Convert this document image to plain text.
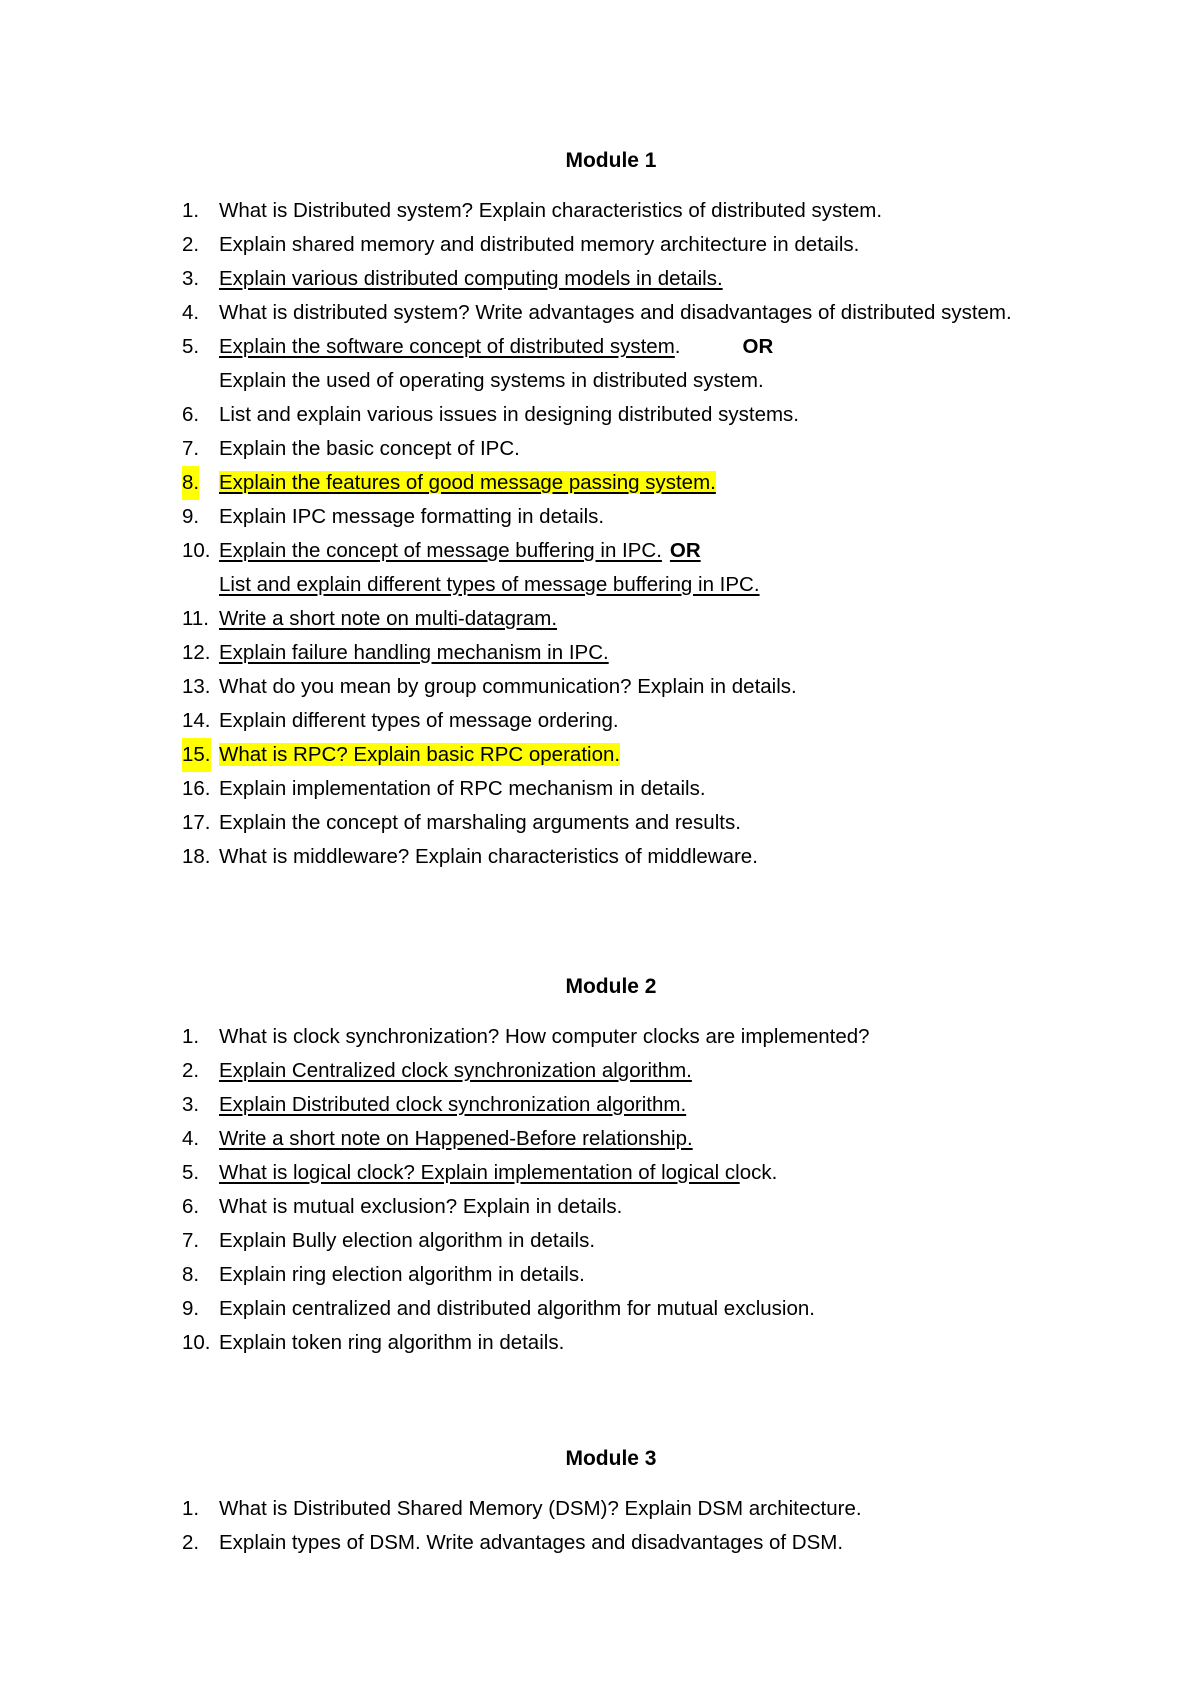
Module 1
1. What is Distributed system? Explain characteristics of distributed system.
2. Explain shared memory and distributed memory architecture in details.
3. Explain various distributed computing models in details.
4. What is distributed system? Write advantages and disadvantages of distributed system.
5. Explain the software concept of distributed system.	OR
Explain the used of operating systems in distributed system.
6. List and explain various issues in designing distributed systems.
7. Explain the basic concept of IPC.
8. Explain the features of good message passing system.
9. Explain IPC message formatting in details.
10. Explain the concept of message buffering in IPC. OR
List and explain different types of message buffering in IPC.
11. Write a short note on multi-datagram.
12. Explain failure handling mechanism in IPC.
13. What do you mean by group communication? Explain in details.
14. Explain different types of message ordering.
15. What is RPC? Explain basic RPC operation.
16. Explain implementation of RPC mechanism in details.
17. Explain the concept of marshaling arguments and results.
18. What is middleware? Explain characteristics of middleware.
Module 2
1. What is clock synchronization? How computer clocks are implemented?
2. Explain Centralized clock synchronization algorithm.
3. Explain Distributed clock synchronization algorithm.
4. Write a short note on Happened-Before relationship.
5. What is logical clock? Explain implementation of logical clock.
6. What is mutual exclusion? Explain in details.
7. Explain Bully election algorithm in details.
8. Explain ring election algorithm in details.
9. Explain centralized and distributed algorithm for mutual exclusion.
10. Explain token ring algorithm in details.
Module 3
1. What is Distributed Shared Memory (DSM)? Explain DSM architecture.
2. Explain types of DSM. Write advantages and disadvantages of DSM.
